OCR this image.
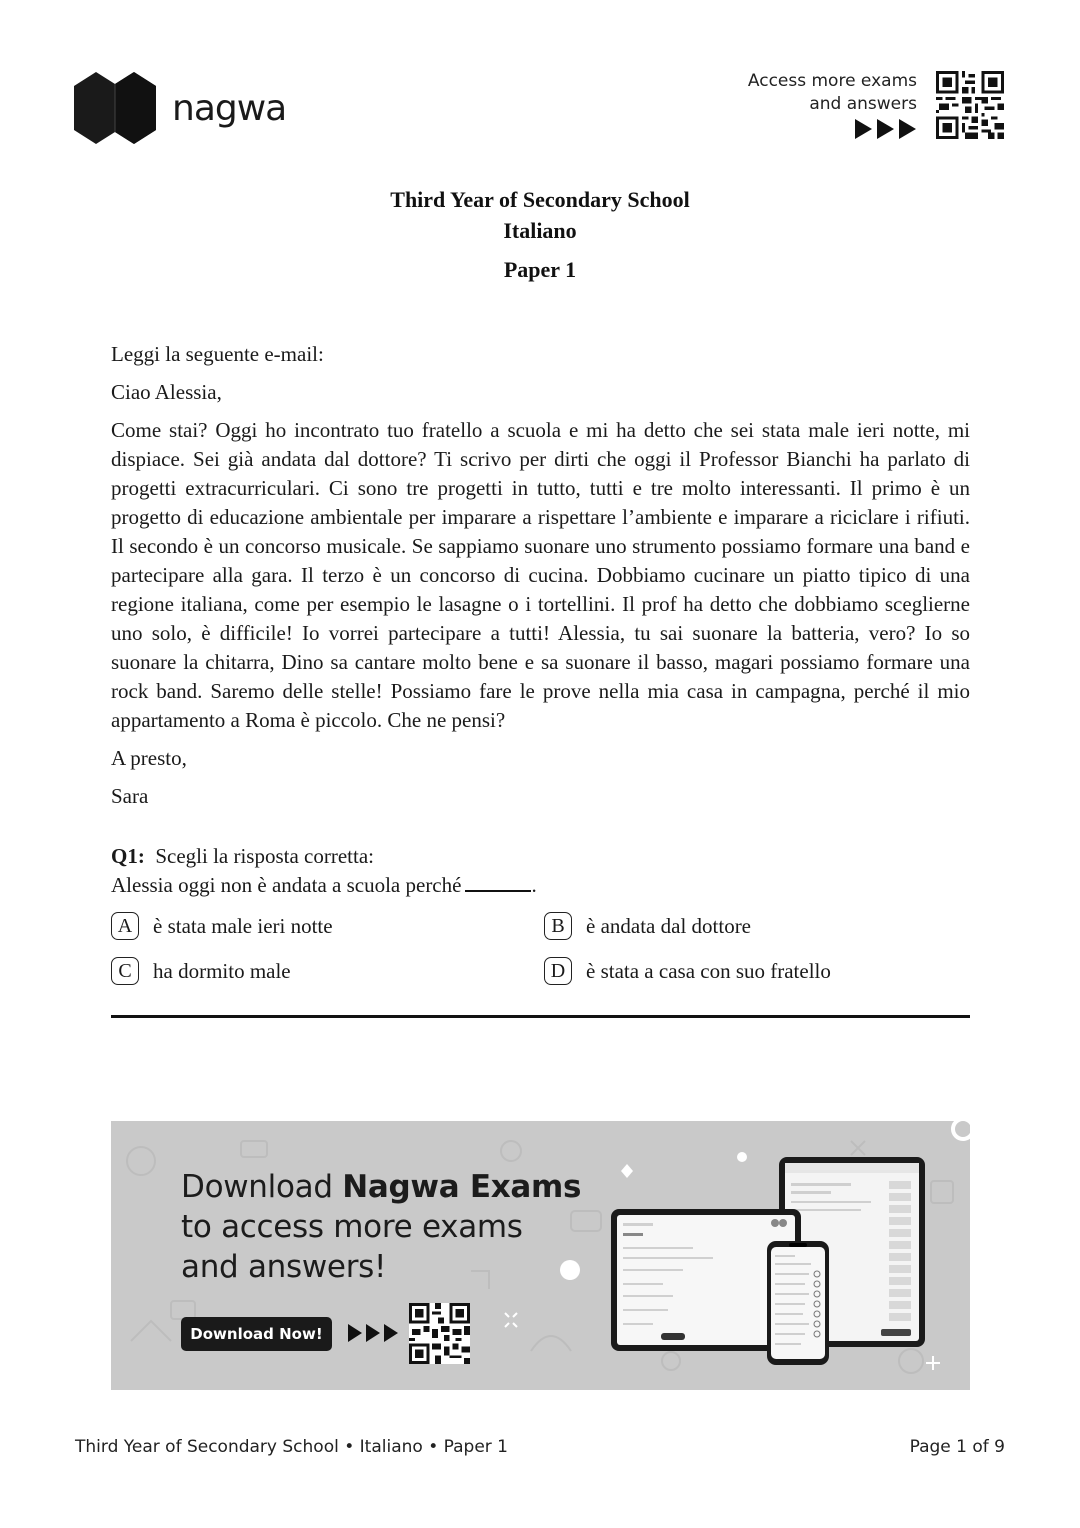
nagwa
Access more exams
and answers
Third Year of Secondary School
Italiano
Paper 1

Leggi la seguente e-mail:

Ciao Alessia,

Come stai? Oggi ho incontrato tuo fratello a scuola e mi ha detto che sei stata male ieri notte, mi dispiace. Sei già andata dal dottore? Ti scrivo per dirti che oggi il Professor Bianchi ha parlato di progetti extracurriculari. Ci sono tre progetti in tutto, tutti e tre molto interessanti. Il primo è un progetto di educazione ambientale per imparare a rispettare l’ambiente e imparare a riciclare i rifiuti. Il secondo è un concorso musicale. Se sappiamo suonare uno strumento possiamo formare una band e partecipare alla gara. Il terzo è un concorso di cucina. Dobbiamo cucinare un piatto tipico di una regione italiana, come per esempio le lasagne o i tortellini. Il prof ha detto che dobbiamo sceglierne uno solo, è difficile! Io vorrei partecipare a tutti! Alessia, tu sai suonare la batteria, vero? Io so suonare la chitarra, Dino sa cantare molto bene e sa suonare il basso, magari possiamo formare una rock band. Saremo delle stelle! Possiamo fare le prove nella mia casa in campagna, perché il mio appartamento a Roma è piccolo. Che ne pensi?

A presto,

Sara

Q1: Scegli la risposta corretta:
Alessia oggi non è andata a scuola perché	.
A è stata male ieri notte	B	è andata dal dottore
C	ha dormito male	D è stata a casa con suo fratello
Download Nagwa Exams
to access more exams
and answers!
Download Now!
Third Year of Secondary School • Italiano • Paper 1	Page 1 of 9
